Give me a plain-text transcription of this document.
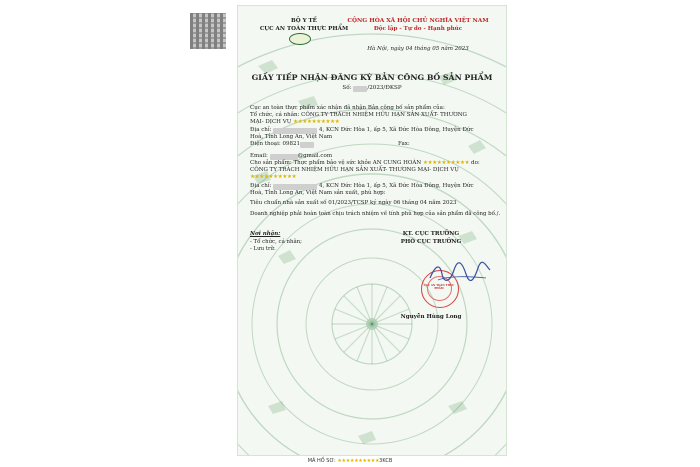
BỘ Y TẾ
CỤC AN TOÀN THỰC PHẨM
CỘNG HÒA XÃ HỘI CHỦ NGHĨA VIỆT NAM
Độc lập - Tự do - Hạnh phúc
Hà Nội, ngày 04 tháng 05 năm 2023
GIẤY TIẾP NHẬN ĐĂNG KÝ BẢN CÔNG BỐ SẢN PHẨM
Số:	/2023/ĐKSP
Cục an toàn thực phẩm xác nhận đã nhận Bản công bố sản phẩm của:
Tổ chức, cá nhân: CÔNG TY TRÁCH NHIỆM HỮU HẠN SẢN XUẤT- THƯƠNG
MẠI- DỊCH VỤ ★★★★★★★★★★
Địa chỉ:	4, KCN Đức Hòa 1, ấp 5, Xã Đức Hòa Đông, Huyện Đức
Hoà, Tỉnh Long An, Việt Nam
Điện thoại: 09821	Fax:
Email:	@gmail.com
Cho sản phẩm: Thực phẩm bảo vệ sức khỏe AN CUNG HOÀN ★★★★★★★★★★ do:
CÔNG TY TRÁCH NHIỆM HỮU HẠN SẢN XUẤT- THƯƠNG MẠI- DỊCH VỤ
★★★★★★★★★★
Địa chỉ:	4, KCN Đức Hòa 1, ấp 5, Xã Đức Hòa Đông, Huyện Đức
Hoà, Tỉnh Long An, Việt Nam sản xuất, phù hợp:
Tiêu chuẩn nhà sản xuất số 01/2023/TCSP ký ngày 06 tháng 04 năm 2023
Doanh nghiệp phải hoàn toàn chịu trách nhiệm về tính phù hợp của sản phẩm đã công bố./.
Nơi nhận:
- Tổ chức, cá nhân;
- Lưu trữ.
KT. CỤC TRƯỞNG
PHÓ CỤC TRƯỞNG
CỤC AN TOÀN THỰC PHẨM
Nguyễn Hùng Long
MÃ HỒ SƠ: ★★★★★★★★★★3KCB
